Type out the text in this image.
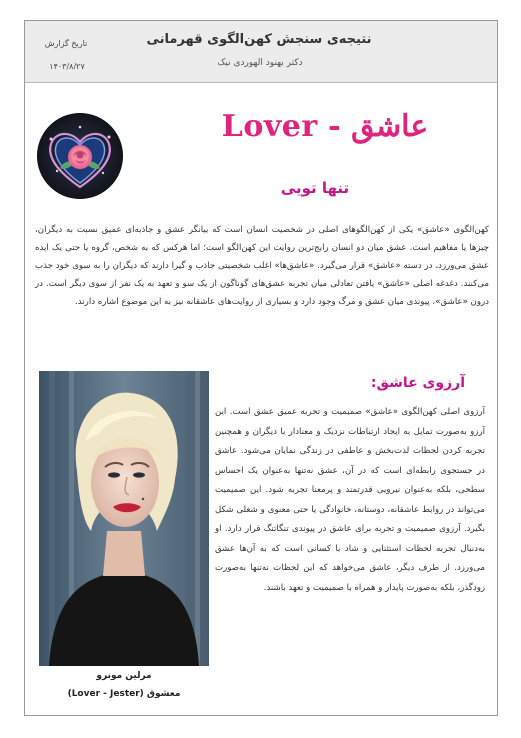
نتیجه‌ی سنجش کهن‌الگوی قهرمانی
دکتر بهنود الهوردی نیک
تاریخ گزارش
۱۴۰۳/۸/۲۷
عاشق - Lover
تنها تویی

کهن‌الگوی «عاشق» یکی از کهن‌الگوهای اصلی در شخصیت انسان است که بیانگر عشق و جاذبه‌ای عمیق نسبت به دیگران، چیزها یا مفاهیم است. عشق میان دو انسان رایج‌ترین روایت این کهن‌الگو است؛ اما هرکس که به شخص، گروه یا حتی یک ایده عشق می‌ورزد، در دسته «عاشق» قرار می‌گیرد. «عاشق‌ها» اغلب شخصیتی جاذب و گیرا دارند که دیگران را به سوی خود جذب می‌کنند. دغدغه اصلی «عاشق» یافتن تعادلی میان تجربه عشق‌های گوناگون از یک سو و تعهد به یک نفر از سوی دیگر است. در درون «عاشق»، پیوندی میان عشق و مرگ وجود دارد و بسیاری از روایت‌های عاشقانه نیز به این موضوع اشاره دارند.

مرلین مونرو
معشوق (Lover - Jester)
آرزوی عاشق:

آرزوی اصلی کهن‌الگوی «عاشق» صمیمیت و تجربه عمیق عشق است. این آرزو به‌صورت تمایل به ایجاد ارتباطات نزدیک و معنادار با دیگران و همچنین تجربه کردن لحظات لذت‌بخش و عاطفی در زندگی نمایان می‌شود. عاشق در جستجوی رابطه‌ای است که در آن، عشق نه‌تنها به‌عنوان یک احساس سطحی، بلکه به‌عنوان نیرویی قدرتمند و پرمعنا تجربه شود. این صمیمیت می‌تواند در روابط عاشقانه، دوستانه، خانوادگی یا حتی معنوی و شغلی شکل بگیرد. آرزوی صمیمیت و تجربه برای عاشق در پیوندی تنگاتنگ قرار دارد. او به‌دنبال تجربه لحظات استثنایی و شاد با کسانی است که به آن‌ها عشق می‌ورزد. از طرف دیگر، عاشق می‌خواهد که این لحظات نه‌تنها به‌صورت زودگذر، بلکه به‌صورت پایدار و همراه با صمیمیت و تعهد باشند.
